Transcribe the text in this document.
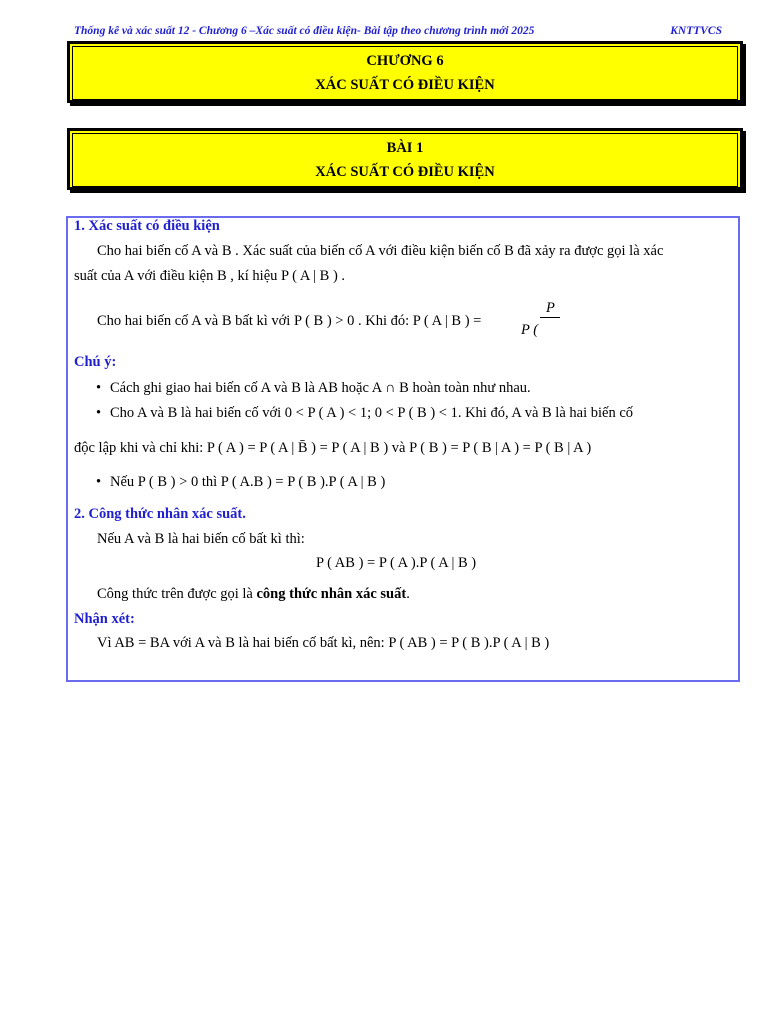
Thống kê và xác suất 12 - Chương 6 –Xác suất có điều kiện- Bài tập theo chương trình mới 2025	KNTTVCS
CHƯƠNG 6
XÁC SUẤT CÓ ĐIỀU KIỆN
BÀI 1
XÁC SUẤT CÓ ĐIỀU KIỆN
1. Xác suất có điều kiện
Cho hai biến cố A và B . Xác suất của biến cố A với điều kiện biến cố B đã xảy ra được gọi là xác
suất của A với điều kiện B , kí hiệu P ( A | B ) .
Cho hai biến cố A và B bất kì với P ( B ) > 0 . Khi đó: P ( A | B ) =
P
P (
Chú ý:
• Cách ghi giao hai biến cố A và B là AB hoặc A ∩ B hoàn toàn như nhau.
• Cho A và B là hai biến cố với 0 < P ( A ) < 1; 0 < P ( B ) < 1. Khi đó, A và B là hai biến cố
độc lập khi và chỉ khi: P ( A ) = P ( A | B̄ ) = P ( A | B ) và P ( B ) = P ( B | A ) = P ( B | A )
• Nếu P ( B ) > 0 thì P ( A.B ) = P ( B ).P ( A | B )
2. Công thức nhân xác suất.
Nếu A và B là hai biến cố bất kì thì:
P ( AB ) = P ( A ).P ( A | B )
Công thức trên được gọi là công thức nhân xác suất.
Nhận xét:
Vì AB = BA với A và B là hai biến cố bất kì, nên: P ( AB ) = P ( B ).P ( A | B )
